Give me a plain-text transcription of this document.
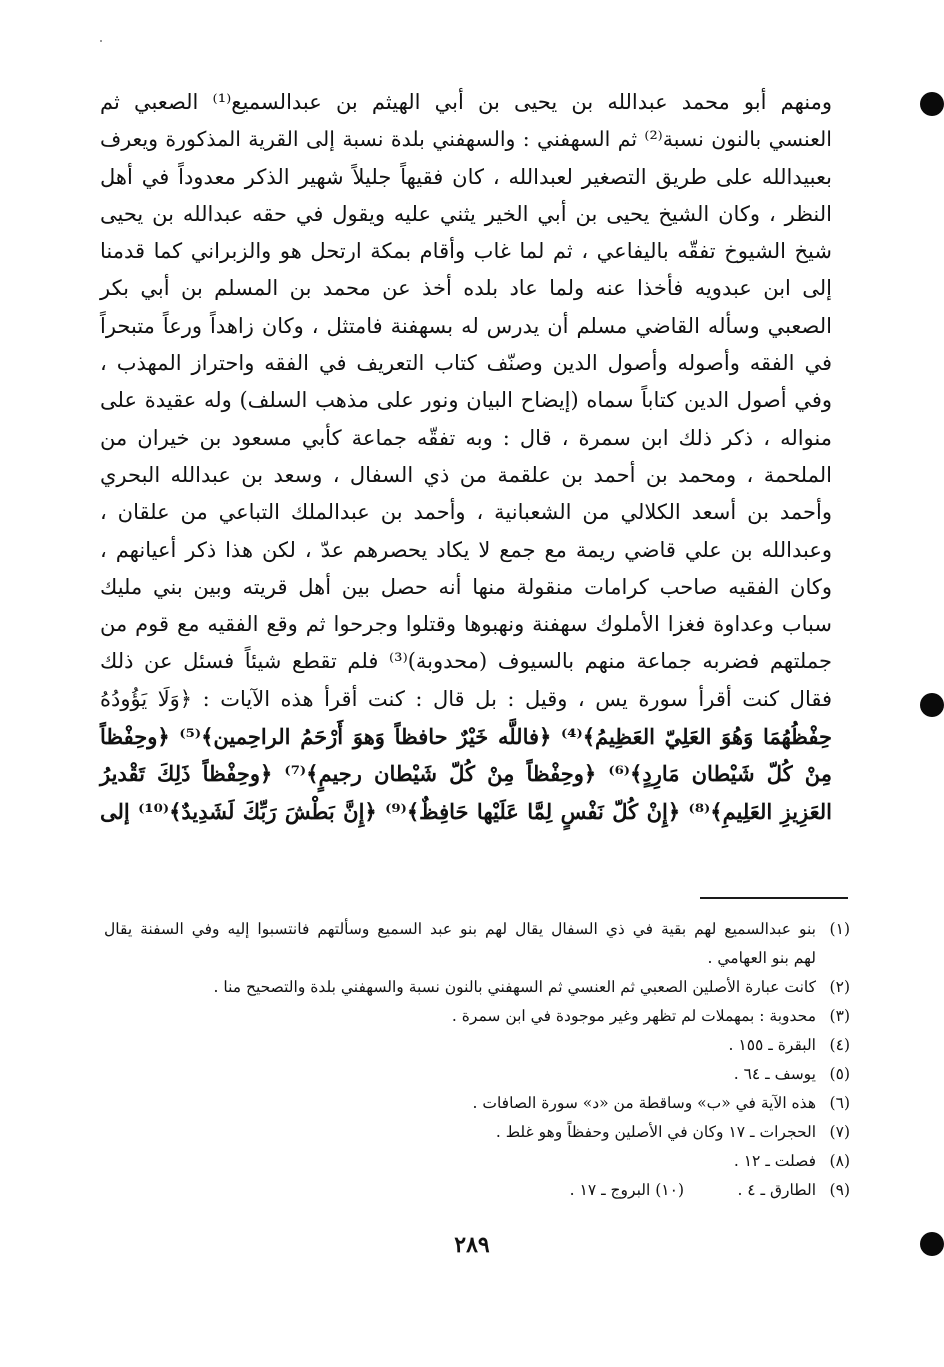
ومنهم أبو محمد عبدالله بن يحيى بن أبي الهيثم بن عبدالسميع⁽¹⁾ الصعبي ثم
العنسي بالنون نسبة⁽²⁾ ثم السهفني : والسهفني بلدة نسبة إلى القرية المذكورة ويعرف
بعبيدالله على طريق التصغير لعبدالله ، كان فقيهاً جليلاً شهير الذكر معدوداً في أهل
النظر ، وكان الشيخ يحيى بن أبي الخير يثني عليه ويقول في حقه عبدالله بن يحيى
شيخ الشيوخ تفقّه باليفاعي ، ثم لما غاب وأقام بمكة ارتحل هو والزبراني كما قدمنا
إلى ابن عبدويه فأخذا عنه ولما عاد بلده أخذ عن محمد بن المسلم بن أبي بكر
الصعبي وسأله القاضي مسلم أن يدرس له بسهفنة فامتثل ، وكان زاهداً ورعاً متبحراً
في الفقه وأصوله وأصول الدين وصنّف كتاب التعريف في الفقه واحتراز المهذب ،
وفي أصول الدين كتاباً سماه (إيضاح البيان ونور على مذهب السلف) وله عقيدة على
منواله ، ذكر ذلك ابن سمرة ، قال : وبه تفقّه جماعة كأبي مسعود بن خيران من
الملحمة ، ومحمد بن أحمد بن علقمة من ذي السفال ، وسعد بن عبدالله البحري
وأحمد بن أسعد الكلالي من الشعبانية ، وأحمد بن عبدالملك التباعي من علقان ،
وعبدالله بن علي قاضي ريمة مع جمع لا يكاد يحصرهم عدّ ، لكن هذا ذكر أعيانهم ،
وكان الفقيه صاحب كرامات منقولة منها أنه حصل بين أهل قريته وبين بني مليك
سباب وعداوة فغزا الأملوك سهفنة ونهبوها وقتلوا وجرحوا ثم وقع الفقيه مع قوم من
جملتهم فضربه جماعة منهم بالسيوف (محدوبة)⁽³⁾ فلم تقطع شيئاً فسئل عن ذلك
فقال كنت أقرأ سورة يس ، وقيل : بل قال : كنت أقرأ هذه الآيات : ﴿وَلَا يَؤُودُهُ
حِفْظُهُمَا وَهُوَ العَلِيّ العَظِيمُ﴾⁽⁴⁾ ﴿فاللَّه خَيْرٌ حافظاً وَهوَ أَرْحَمُ الراحِمين﴾⁽⁵⁾ ﴿وحِفْظاً
مِنْ كُلّ شَيْطان مَارِدٍ﴾⁽⁶⁾ ﴿وحِفْظاً مِنْ كُلّ شَيْطان رجيمٍ﴾⁽⁷⁾ ﴿وحِفْظاً ذَلِكَ تَقْديرُ
العَزِيزِ العَلِيمِ﴾⁽⁸⁾ ﴿إِنْ كُلّ نَفْسٍ لِمَّا عَلَيْها حَافِظٌ﴾⁽⁹⁾ ﴿إِنَّ بَطْشَ رَبِّكَ لَشَدِيدٌ﴾⁽¹⁰⁾ إلى
(١)
بنو عبدالسميع لهم بقية في ذي السفال يقال لهم بنو عبد السميع وسألتهم فانتسبوا إليه وفي السفنة يقال
لهم بنو العهامي .
(٢)
كانت عبارة الأصلين الصعبي ثم العنسي ثم السهفني بالنون نسبة والسهفني بلدة والتصحيح منا .
(٣)
محدوبة : بمهملات لم تظهر وغير موجودة في ابن سمرة .
(٤)
البقرة ـ ١٥٥ .
(٥)
يوسف ـ ٦٤ .
(٦)
هذه الآية في «ب» وساقطة من «د» سورة الصافات .
(٧)
الحجرات ـ ١٧ وكان في الأصلين وحفظاً وهو غلط .
(٨)
فصلت ـ ١٢ .
(٩)
الطارق ـ ٤ .
(١٠) البروج ـ ١٧ .
٢٨٩
